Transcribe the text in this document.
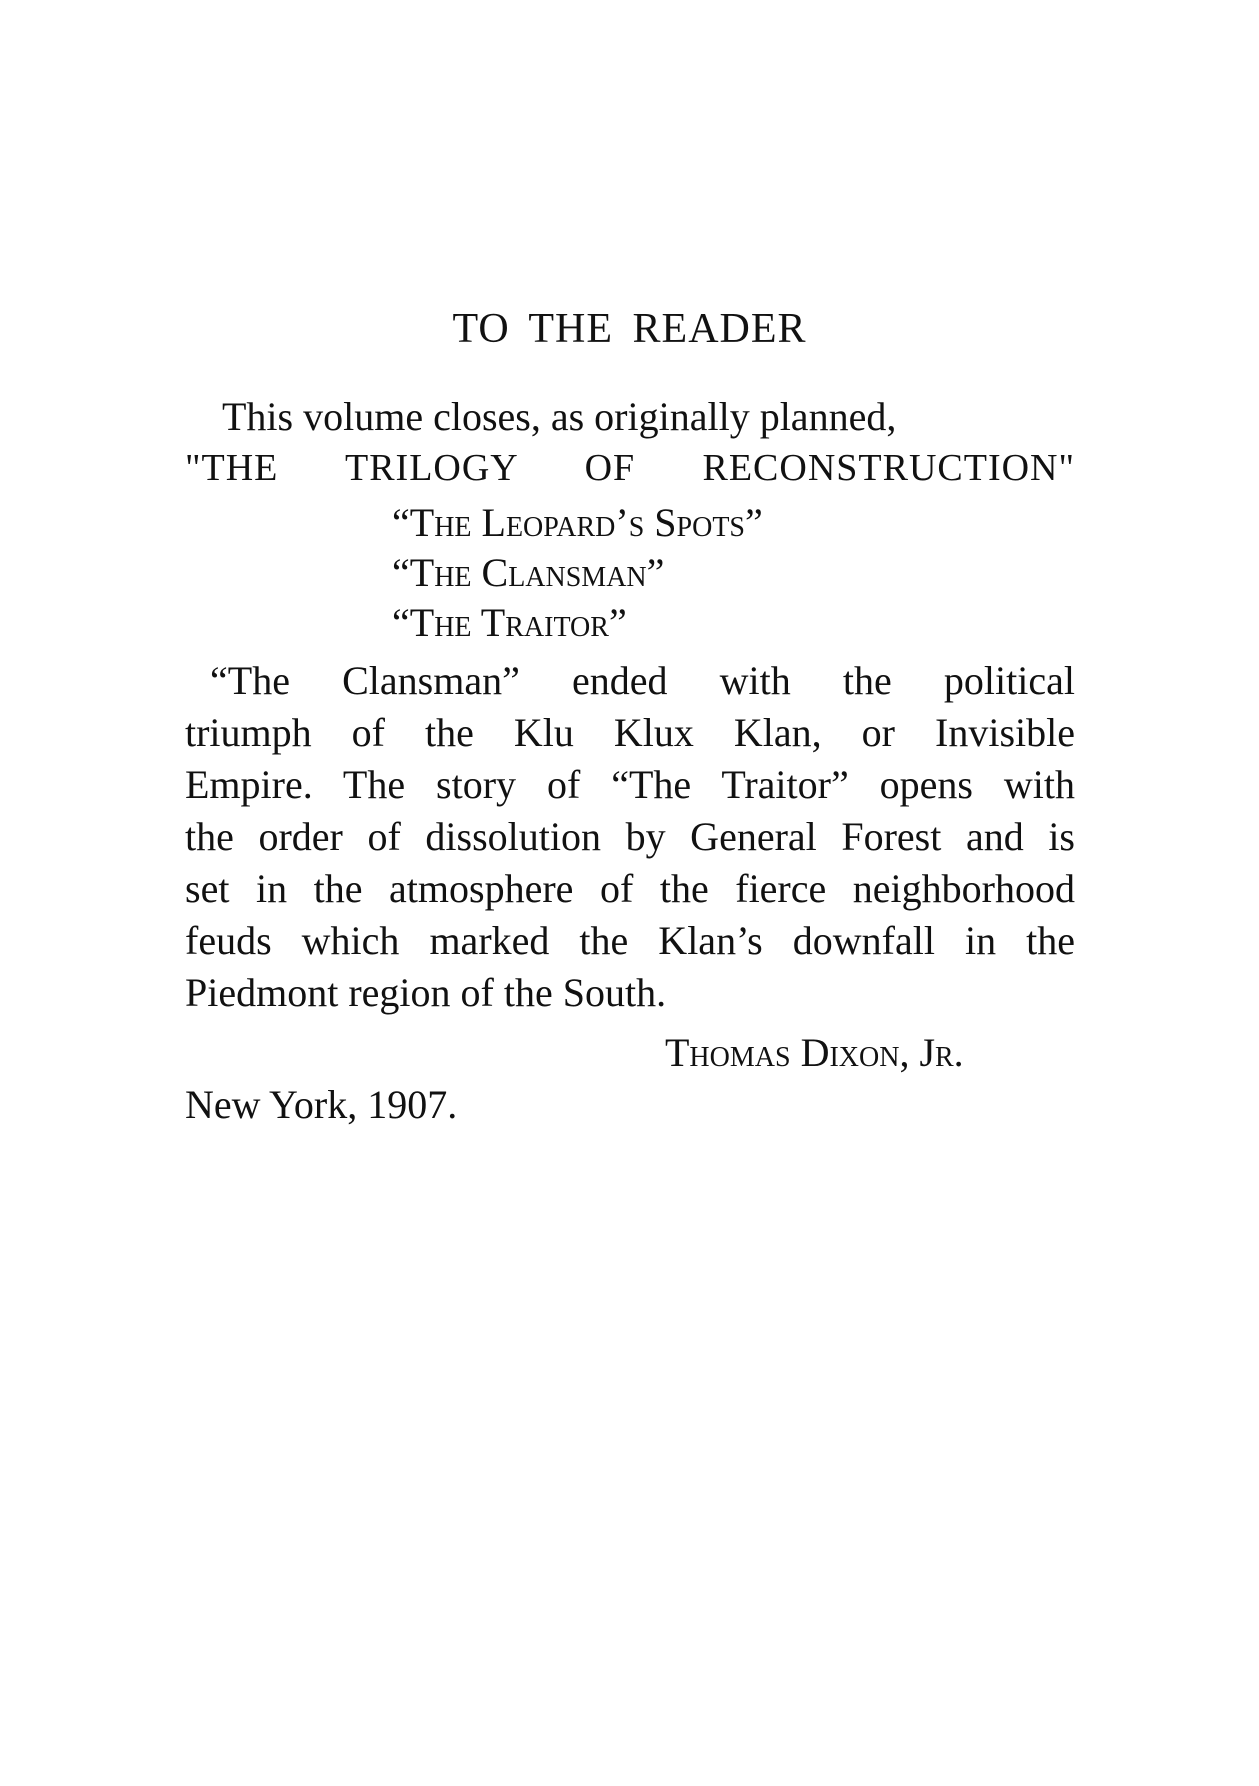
TO THE READER
This volume closes, as originally planned,
"THE TRILOGY OF RECONSTRUCTION"
“The Leopard’s Spots”
“The Clansman”
“The Traitor”
“The Clansman” ended with the political
triumph of the Klu Klux Klan, or Invisible
Empire. The story of “The Traitor” opens with
the order of dissolution by General Forest and is
set in the atmosphere of the fierce neighborhood
feuds which marked the Klan’s downfall in the
Piedmont region of the South.
Thomas Dixon, Jr.
New York, 1907.
